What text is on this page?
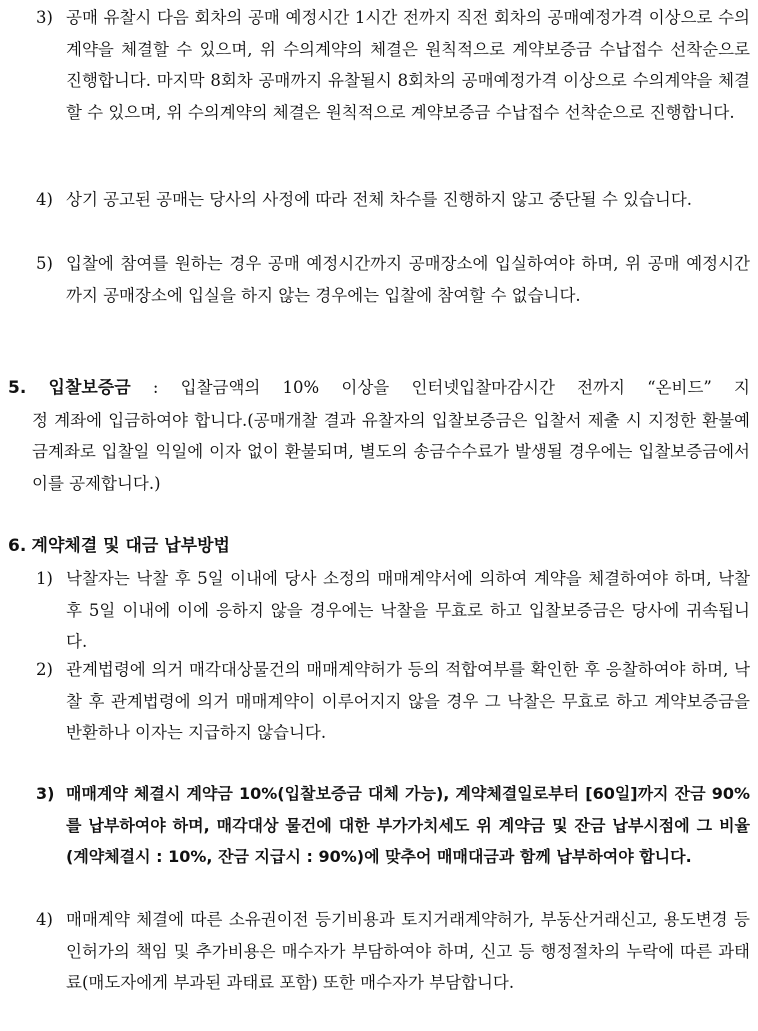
3) 공매 유찰시 다음 회차의 공매 예정시간 1시간 전까지 직전 회차의 공매예정가격 이상으로 수의계약을 체결할 수 있으며, 위 수의계약의 체결은 원칙적으로 계약보증금 수납접수 선착순으로 진행합니다. 마지막 8회차 공매까지 유찰될시 8회차의 공매예정가격 이상으로 수의계약을 체결할 수 있으며, 위 수의계약의 체결은 원칙적으로 계약보증금 수납접수 선착순으로 진행합니다.
4) 상기 공고된 공매는 당사의 사정에 따라 전체 차수를 진행하지 않고 중단될 수 있습니다.
5) 입찰에 참여를 원하는 경우 공매 예정시간까지 공매장소에 입실하여야 하며, 위 공매 예정시간까지 공매장소에 입실을 하지 않는 경우에는 입찰에 참여할 수 없습니다.
5. 입찰보증금 : 입찰금액의 10% 이상을 인터넷입찰마감시간 전까지 “온비드” 지
정 계좌에 입금하여야 합니다.(공매개찰 결과 유찰자의 입찰보증금은 입찰서 제출 시 지정한 환불예금계좌로 입찰일 익일에 이자 없이 환불되며, 별도의 송금수수료가 발생될 경우에는 입찰보증금에서 이를 공제합니다.)
6. 계약체결 및 대금 납부방법
1) 낙찰자는 낙찰 후 5일 이내에 당사 소정의 매매계약서에 의하여 계약을 체결하여야 하며, 낙찰 후 5일 이내에 이에 응하지 않을 경우에는 낙찰을 무효로 하고 입찰보증금은 당사에 귀속됩니다.
2) 관계법령에 의거 매각대상물건의 매매계약허가 등의 적합여부를 확인한 후 응찰하여야 하며, 낙찰 후 관계법령에 의거 매매계약이 이루어지지 않을 경우 그 낙찰은 무효로 하고 계약보증금을 반환하나 이자는 지급하지 않습니다.
3) 매매계약 체결시 계약금 10%(입찰보증금 대체 가능), 계약체결일로부터 [60일]까지 잔금 90%를 납부하여야 하며, 매각대상 물건에 대한 부가가치세도 위 계약금 및 잔금 납부시점에 그 비율(계약체결시 : 10%, 잔금 지급시 : 90%)에 맞추어 매매대금과 함께 납부하여야 합니다.
4) 매매계약 체결에 따른 소유권이전 등기비용과 토지거래계약허가, 부동산거래신고, 용도변경 등 인허가의 책임 및 추가비용은 매수자가 부담하여야 하며, 신고 등 행정절차의 누락에 따른 과태료(매도자에게 부과된 과태료 포함) 또한 매수자가 부담합니다.
